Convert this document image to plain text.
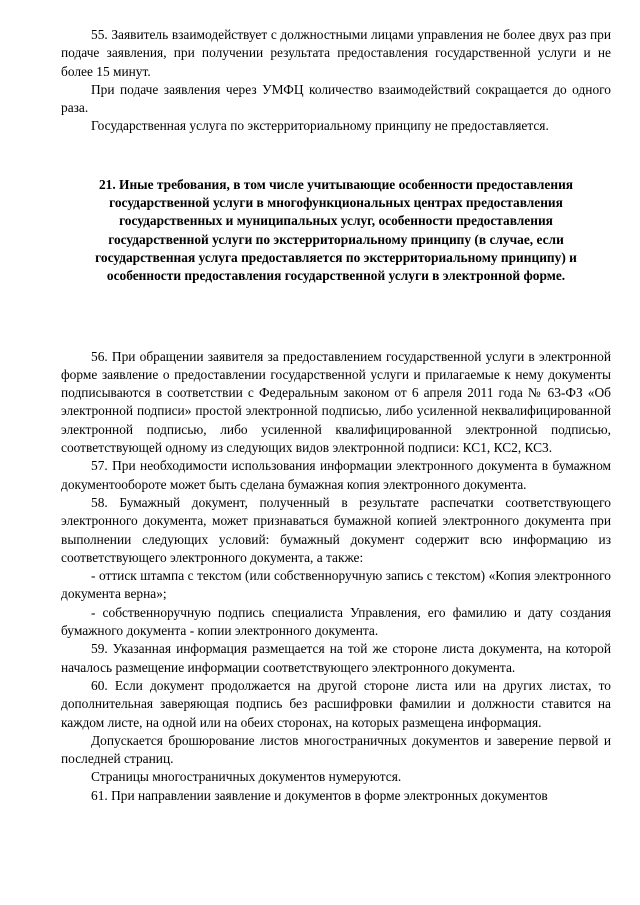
55. Заявитель взаимодействует с должностными лицами управления не более двух раз при подаче заявления, при получении результата предоставления государственной услуги и не более 15 минут.

При подаче заявления через УМФЦ количество взаимодействий сокращается до одного раза.

Государственная услуга по экстерриториальному принципу не предоставляется.

21. Иные требования, в том числе учитывающие особенности предоставления государственной услуги в многофункциональных центрах предоставления государственных и муниципальных услуг, особенности предоставления государственной услуги по экстерриториальному принципу (в случае, если государственная услуга предоставляется по экстерриториальному принципу) и особенности предоставления государственной услуги в электронной форме.

56. При обращении заявителя за предоставлением государственной услуги в электронной форме заявление о предоставлении государственной услуги и прилагаемые к нему документы подписываются в соответствии с Федеральным законом от 6 апреля 2011 года № 63-ФЗ «Об электронной подписи» простой электронной подписью, либо усиленной неквалифицированной электронной подписью, либо усиленной квалифицированной электронной подписью, соответствующей одному из следующих видов электронной подписи: КС1, КС2, КС3.

57. При необходимости использования информации электронного документа в бумажном документообороте может быть сделана бумажная копия электронного документа.

58. Бумажный документ, полученный в результате распечатки соответствующего электронного документа, может признаваться бумажной копией электронного документа при выполнении следующих условий: бумажный документ содержит всю информацию из соответствующего электронного документа, а также:

- оттиск штампа с текстом (или собственноручную запись с текстом) «Копия электронного документа верна»;

- собственноручную подпись специалиста Управления, его фамилию и дату создания бумажного документа - копии электронного документа.

59. Указанная информация размещается на той же стороне листа документа, на которой началось размещение информации соответствующего электронного документа.

60. Если документ продолжается на другой стороне листа или на других листах, то дополнительная заверяющая подпись без расшифровки фамилии и должности ставится на каждом листе, на одной или на обеих сторонах, на которых размещена информация.

Допускается брошюрование листов многостраничных документов и заверение первой и последней страниц.

Страницы многостраничных документов нумеруются.

61. При направлении заявление и документов в форме электронных документов
